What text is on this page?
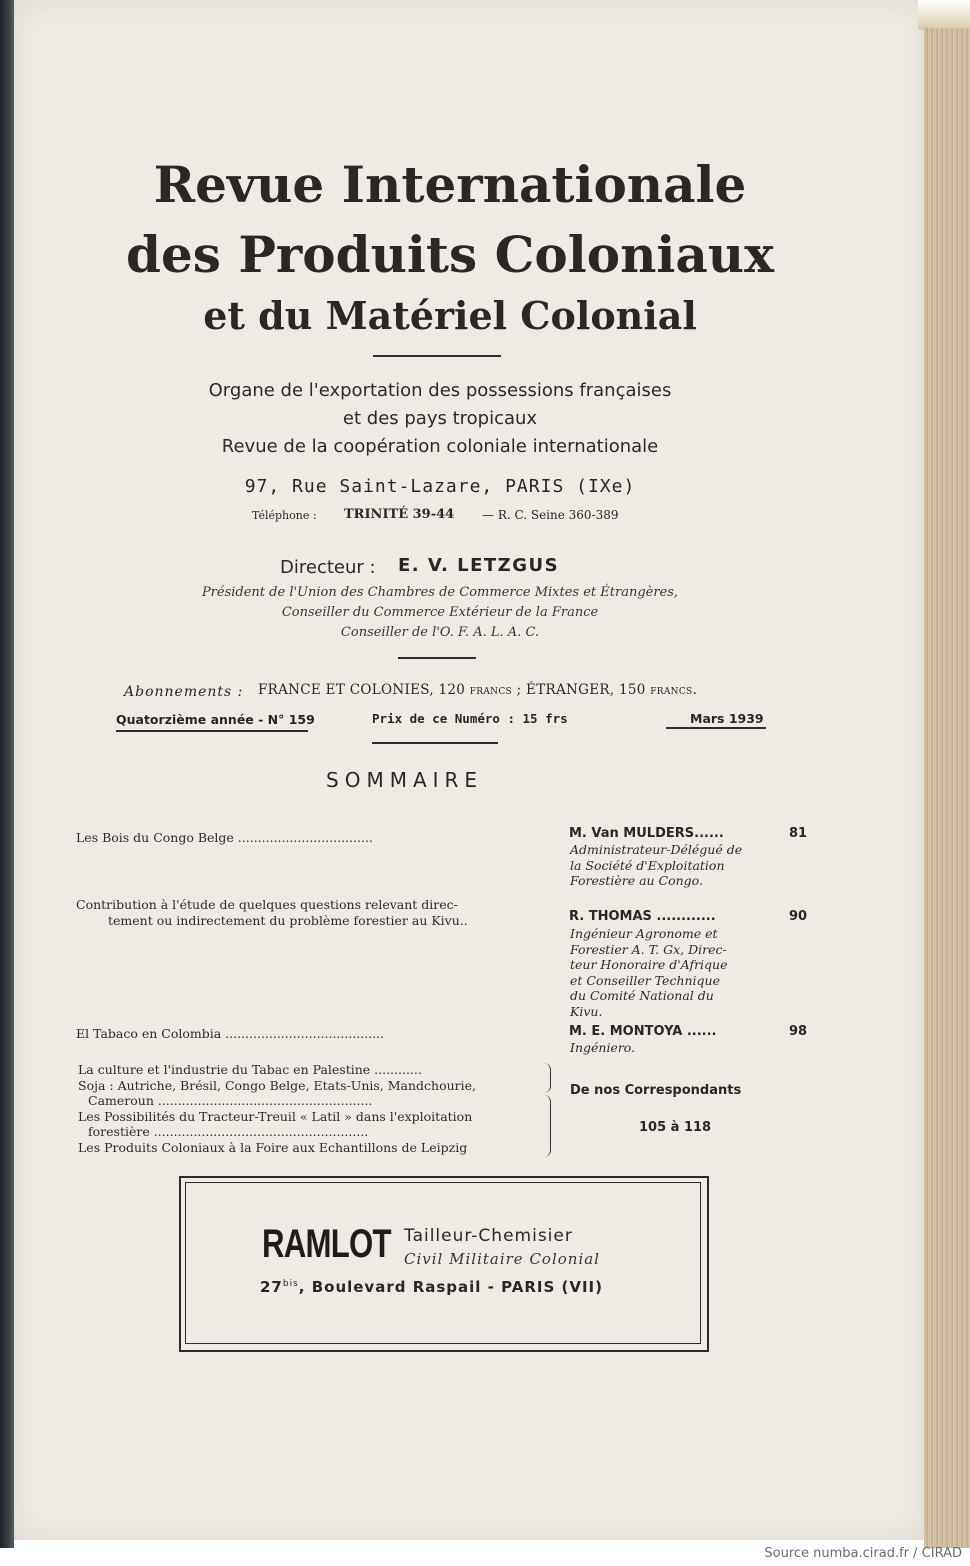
Revue Internationale
des Produits Coloniaux
et du Matériel Colonial
Organe de l'exportation des possessions françaises
et des pays tropicaux
Revue de la coopération coloniale internationale
97, Rue Saint-Lazare, PARIS (IXe)
Téléphone : TRINITÉ 39-44 — R. C. Seine 360-389
Directeur : E. V. LETZGUS
Président de l'Union des Chambres de Commerce Mixtes et Étrangères,
Conseiller du Commerce Extérieur de la France
Conseiller de l'O. F. A. L. A. C.
Abonnements : FRANCE ET COLONIES, 120 francs ; ÉTRANGER, 150 francs.
Quatorzième année - N° 159	Prix de ce Numéro : 15 frs	Mars 1939
SOMMAIRE
Les Bois du Congo Belge ..................................	M. Van MULDERS......	81
Administrateur-Délégué de
la Société d'Exploitation
Forestière au Congo.
Contribution à l'étude de quelques questions relevant direc-
tement ou indirectement du problème forestier au Kivu..	R. THOMAS ............	90
Ingénieur Agronome et
Forestier A. T. Gx, Direc-
teur Honoraire d'Afrique
et Conseiller Technique
du Comité National du
Kivu.
El Tabaco en Colombia ........................................	M. E. MONTOYA ......	98
Ingéniero.
La culture et l'industrie du Tabac en Palestine ............
Soja : Autriche, Brésil, Congo Belge, Etats-Unis, Mandchourie,
Cameroun ......................................................
Les Possibilités du Tracteur-Treuil « Latil » dans l'exploitation
forestière ......................................................
Les Produits Coloniaux à la Foire aux Echantillons de Leipzig
De nos Correspondants
105 à 118
RAMLOT Tailleur-Chemisier
Civil Militaire Colonial
$27^{bis}$, Boulevard Raspail - PARIS (VII)
Source numba.cirad.fr / CIRAD
